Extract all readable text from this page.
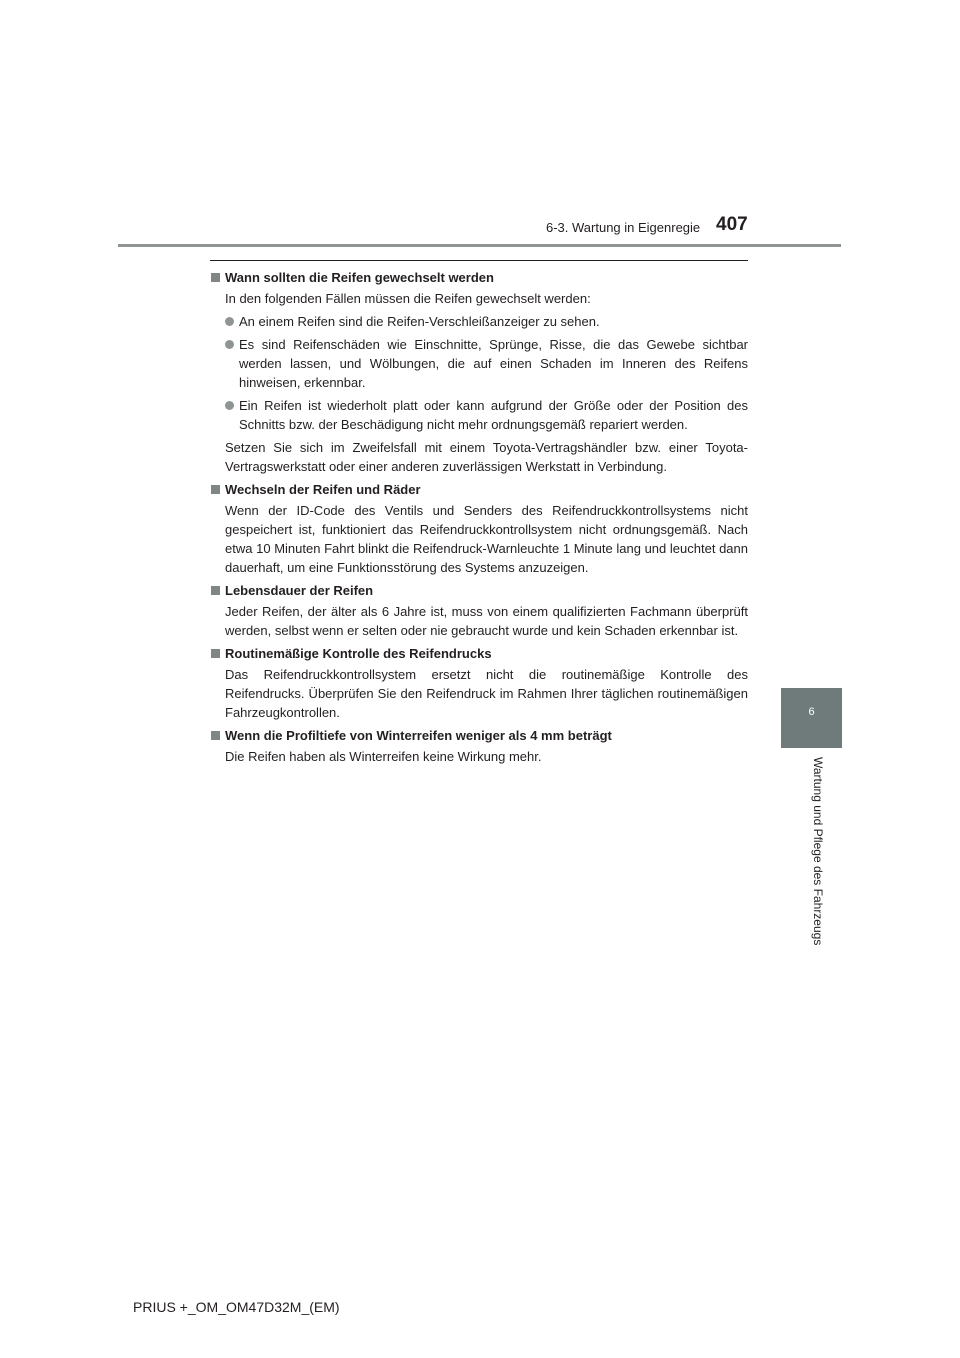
6-3. Wartung in Eigenregie 407
6
Wartung und Pflege des Fahrzeugs
Wann sollten die Reifen gewechselt werden
In den folgenden Fällen müssen die Reifen gewechselt werden:
An einem Reifen sind die Reifen-Verschleißanzeiger zu sehen.
Es sind Reifenschäden wie Einschnitte, Sprünge, Risse, die das Gewebe sichtbar werden lassen, und Wölbungen, die auf einen Schaden im Inneren des Reifens hinweisen, erkennbar.
Ein Reifen ist wiederholt platt oder kann aufgrund der Größe oder der Position des Schnitts bzw. der Beschädigung nicht mehr ordnungsgemäß repariert werden.
Setzen Sie sich im Zweifelsfall mit einem Toyota-Vertragshändler bzw. einer Toyota-Vertragswerkstatt oder einer anderen zuverlässigen Werkstatt in Verbindung.
Wechseln der Reifen und Räder
Wenn der ID-Code des Ventils und Senders des Reifendruckkontrollsystems nicht gespeichert ist, funktioniert das Reifendruckkontrollsystem nicht ordnungsgemäß. Nach etwa 10 Minuten Fahrt blinkt die Reifendruck-Warnleuchte 1 Minute lang und leuchtet dann dauerhaft, um eine Funktionsstörung des Systems anzuzeigen.
Lebensdauer der Reifen
Jeder Reifen, der älter als 6 Jahre ist, muss von einem qualifizierten Fachmann überprüft werden, selbst wenn er selten oder nie gebraucht wurde und kein Schaden erkennbar ist.
Routinemäßige Kontrolle des Reifendrucks
Das Reifendruckkontrollsystem ersetzt nicht die routinemäßige Kontrolle des Reifendrucks. Überprüfen Sie den Reifendruck im Rahmen Ihrer täglichen routinemäßigen Fahrzeugkontrollen.
Wenn die Profiltiefe von Winterreifen weniger als 4 mm beträgt
Die Reifen haben als Winterreifen keine Wirkung mehr.
PRIUS +_OM_OM47D32M_(EM)
